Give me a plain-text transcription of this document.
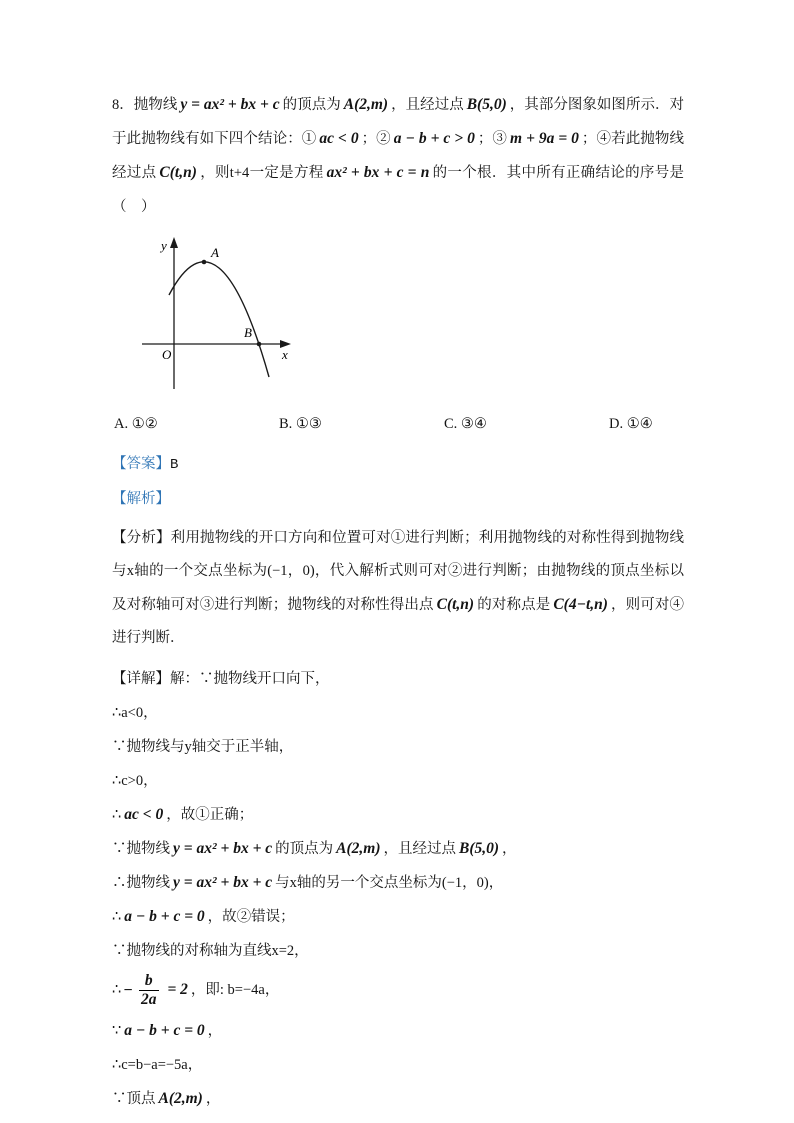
8．抛物线 y = ax² + bx + c 的顶点为 A(2,m) ，且经过点 B(5,0) ，其部分图象如图所示．对于此抛物线有如下四个结论：① ac < 0 ；② a − b + c > 0 ；③ m + 9a = 0 ；④若此抛物线经过点 C(t,n) ，则t+4一定是方程 ax² + bx + c = n 的一个根．其中所有正确结论的序号是（　）
A
B
y
x
O
A. ①②	B. ①③	C. ③④	D. ①④
【答案】B
【解析】
【分析】利用抛物线的开口方向和位置可对①进行判断；利用抛物线的对称性得到抛物线与x轴的一个交点坐标为(−1，0)，代入解析式则可对②进行判断；由抛物线的顶点坐标以及对称轴可对③进行判断；抛物线的对称性得出点 C(t,n) 的对称点是 C(4−t,n) ，则可对④进行判断．
【详解】解：∵抛物线开口向下，
∴a<0，
∵抛物线与y轴交于正半轴，
∴c>0，
∴ ac < 0 ，故①正确；
∵抛物线 y = ax² + bx + c 的顶点为 A(2,m) ，且经过点 B(5,0) ，
∴抛物线 y = ax² + bx + c 与x轴的另一个交点坐标为(−1，0)，
∴ a − b + c = 0 ，故②错误；
∵抛物线的对称轴为直线x=2，
∴ − $\frac{b}{2a} = 2$ ，即: b=−4a，
∵ a − b + c = 0 ，
∴c=b−a=−5a，
∵顶点 A(2,m) ，
